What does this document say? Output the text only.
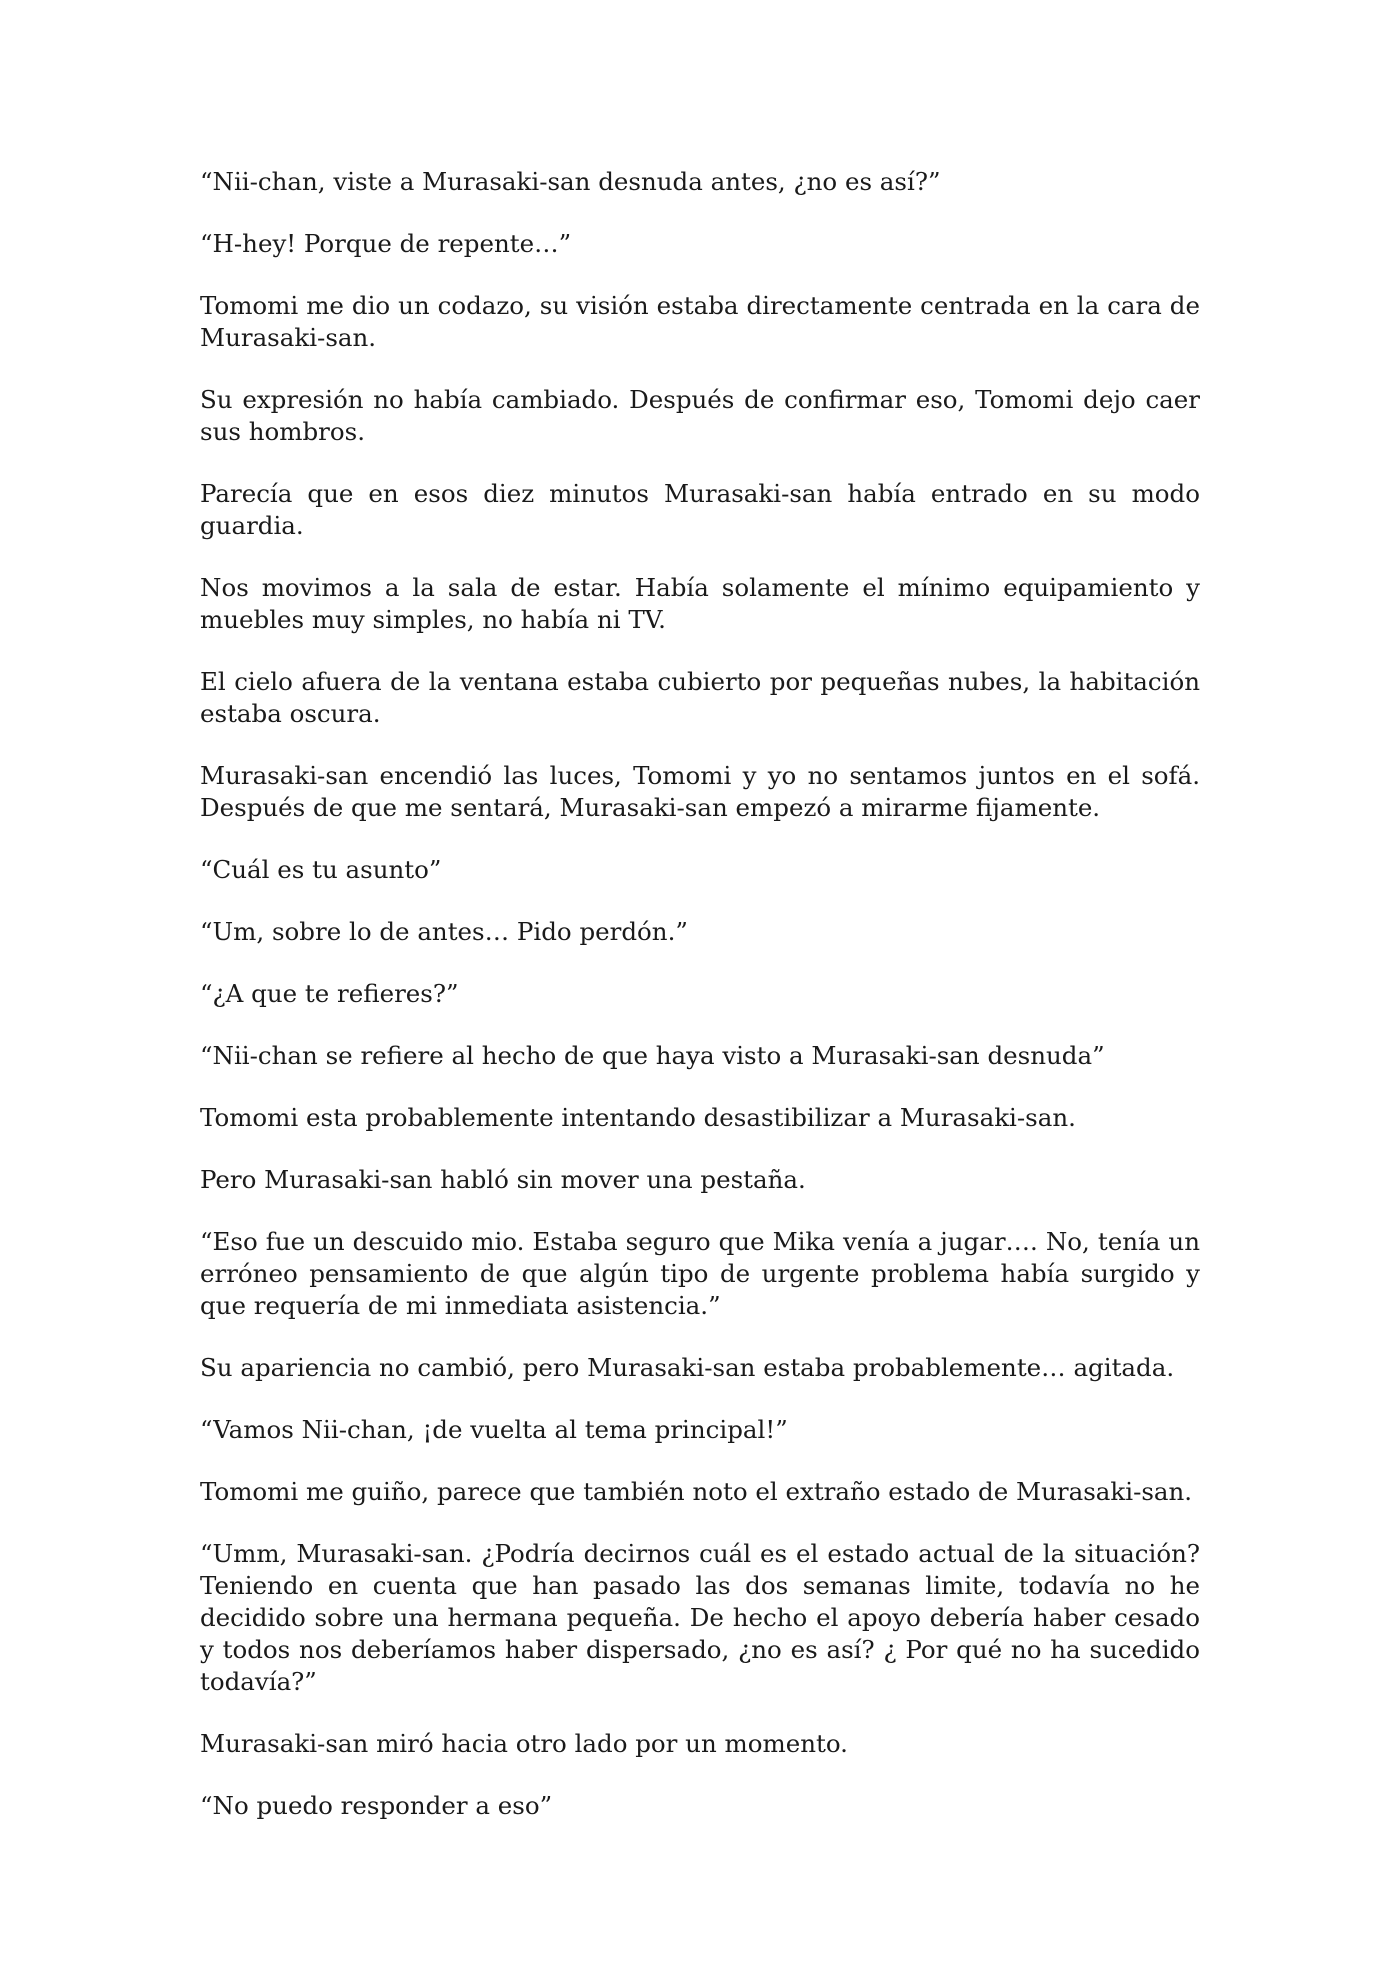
“Nii-chan, viste a Murasaki-san desnuda antes, ¿no es así?”

“H-hey! Porque de repente…”

Tomomi me dio un codazo, su visión estaba directamente centrada en la cara de Murasaki-san.

Su expresión no había cambiado. Después de confirmar eso, Tomomi dejo caer sus hombros.

Parecía que en esos diez minutos Murasaki-san había entrado en su modo guardia.

Nos movimos a la sala de estar. Había solamente el mínimo equipamiento y muebles muy simples, no había ni TV.

El cielo afuera de la ventana estaba cubierto por pequeñas nubes, la habitación estaba oscura.

Murasaki-san encendió las luces, Tomomi y yo no sentamos juntos en el sofá. Después de que me sentará, Murasaki-san empezó a mirarme fijamente.

“Cuál es tu asunto”

“Um, sobre lo de antes… Pido perdón.”

“¿A que te refieres?”

“Nii-chan se refiere al hecho de que haya visto a Murasaki-san desnuda”

Tomomi esta probablemente intentando desastibilizar a Murasaki-san.

Pero Murasaki-san habló sin mover una pestaña.

“Eso fue un descuido mio. Estaba seguro que Mika venía a jugar…. No, tenía un erróneo pensamiento de que algún tipo de urgente problema había surgido y que requería de mi inmediata asistencia.”

Su apariencia no cambió, pero Murasaki-san estaba probablemente… agitada.

“Vamos Nii-chan, ¡de vuelta al tema principal!”

Tomomi me guiño, parece que también noto el extraño estado de Murasaki-san.

“Umm, Murasaki-san. ¿Podría decirnos cuál es el estado actual de la situación? Teniendo en cuenta que han pasado las dos semanas limite, todavía no he decidido sobre una hermana pequeña. De hecho el apoyo debería haber cesado y todos nos deberíamos haber dispersado, ¿no es así? ¿ Por qué no ha sucedido todavía?”

Murasaki-san miró hacia otro lado por un momento.

“No puedo responder a eso”
